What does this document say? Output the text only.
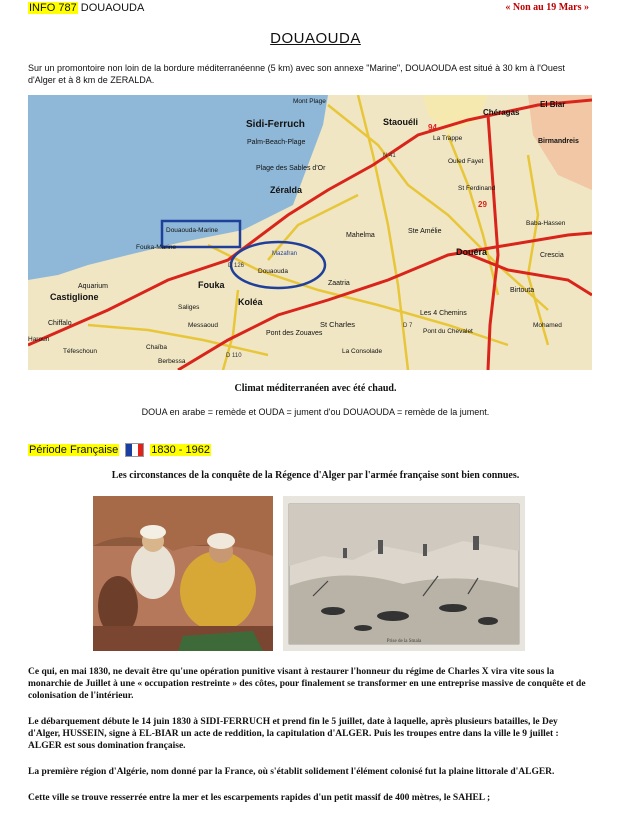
INFO 787 DOUAOUDA	« Non au 19 Mars »
DOUAOUDA
Sur un promontoire non loin de la bordure méditerranéenne (5 km) avec son annexe "Marine", DOUAOUDA est situé à 30 km à l'Ouest d'Alger et à 8 km de ZERALDA.
Sidi-Ferruch
Palm-Beach-Plage
Plage des Sables d'Or
Zéralda
Douaouda-Marine
Fouka-Marine
Douaouda
Mazafran
Fouka
Koléa
Castiglione
Chiffalo
Aquarium
Staouéli
Chéragas
El Biar
Birmandreis
Mahelma
Ste Amélie
Douéra	Crescia
Birtouta
Zaatria
St Charles
Pont des Zouaves
Berbessa
La Consolade
Chaïba
Téfeschoun
Haroun
St Ferdinand
Baba-Hassen
Ouled Fayet
Mohamed
Les 4 Chemins
Pont du Chevalet
Saliges
Messaoud
La Trappe
Mont Plage
D 126
D 110
D 7
N 41
94
29
Climat méditerranéen avec été chaud.
DOUA en arabe = remède et OUDA = jument d'ou DOUAOUDA = remède de la jument.
Période Française	1830 - 1962
Les circonstances de la conquête de la Régence d'Alger par l'armée française sont bien connues.
Prise de la Smala
Ce qui, en mai 1830, ne devait être qu'une opération punitive visant à restaurer l'honneur du régime de Charles X vira vite sous la monarchie de Juillet à une « occupation restreinte » des côtes, pour finalement se transformer en une entreprise massive de conquête et de colonisation de l'intérieur.
Le débarquement débute le 14 juin 1830 à SIDI-FERRUCH et prend fin le 5 juillet, date à laquelle, après plusieurs batailles, le Dey d'Alger, HUSSEIN, signe à EL-BIAR un acte de reddition, la capitulation d'ALGER. Puis les troupes entre dans la ville le 9 juillet : ALGER est sous domination française.
La première région d'Algérie, nom donné par la France, où s'établit solidement l'élément colonisé fut la plaine littorale d'ALGER.
Cette ville se trouve resserrée entre la mer et les escarpements rapides d'un petit massif de 400 mètres, le SAHEL ;
